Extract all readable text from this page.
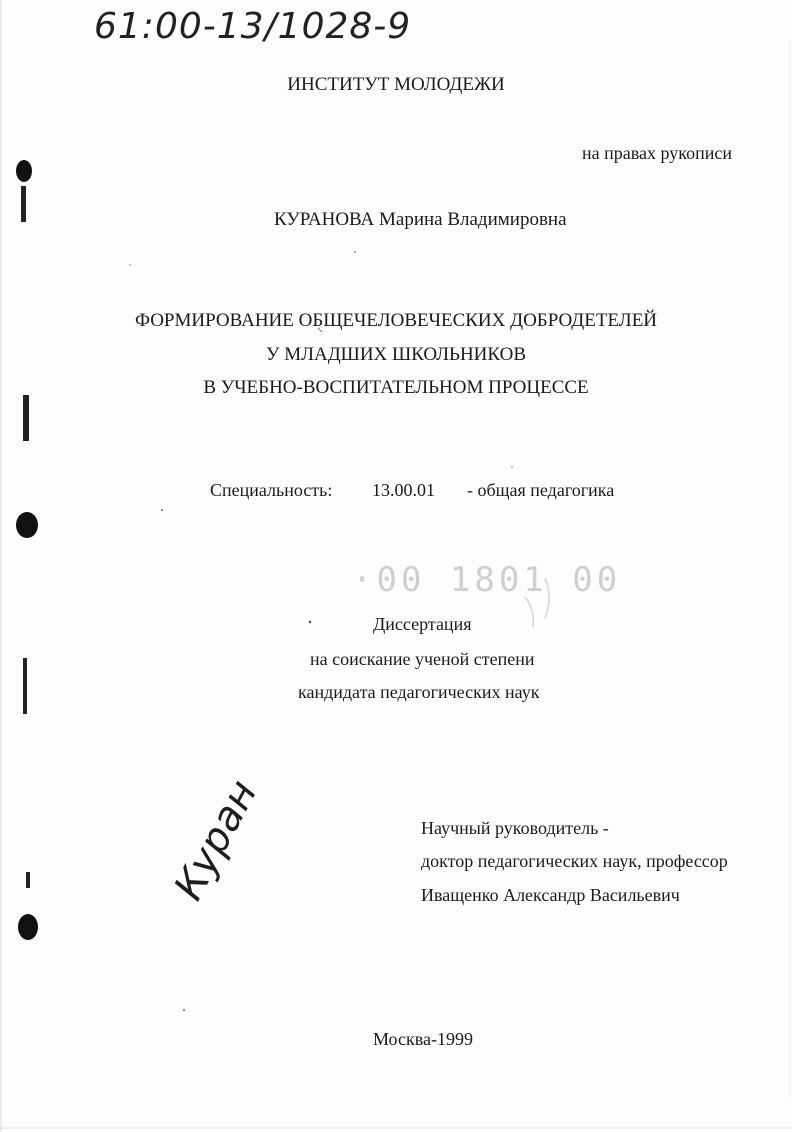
61:00-13/1028-9
ИНСТИТУТ МОЛОДЕЖИ
на правах рукописи
КУРАНОВА Марина Владимировна
ФОРМИРОВАНИЕ ОБЩЕЧЕЛОВЕЧЕСКИХ ДОБРОДЕТЕЛЕЙ
У МЛАДШИХ ШКОЛЬНИКОВ
В УЧЕБНО-ВОСПИТАТЕЛЬНОМ ПРОЦЕССЕ
Специальность: 13.00.01 - общая педагогика
·00 1801 00
Диссертация
на соискание ученой степени
кандидата педагогических наук
Куран	Научный руководитель -
доктор педагогических наук, профессор
Иващенко Александр Васильевич
Москва-1999
